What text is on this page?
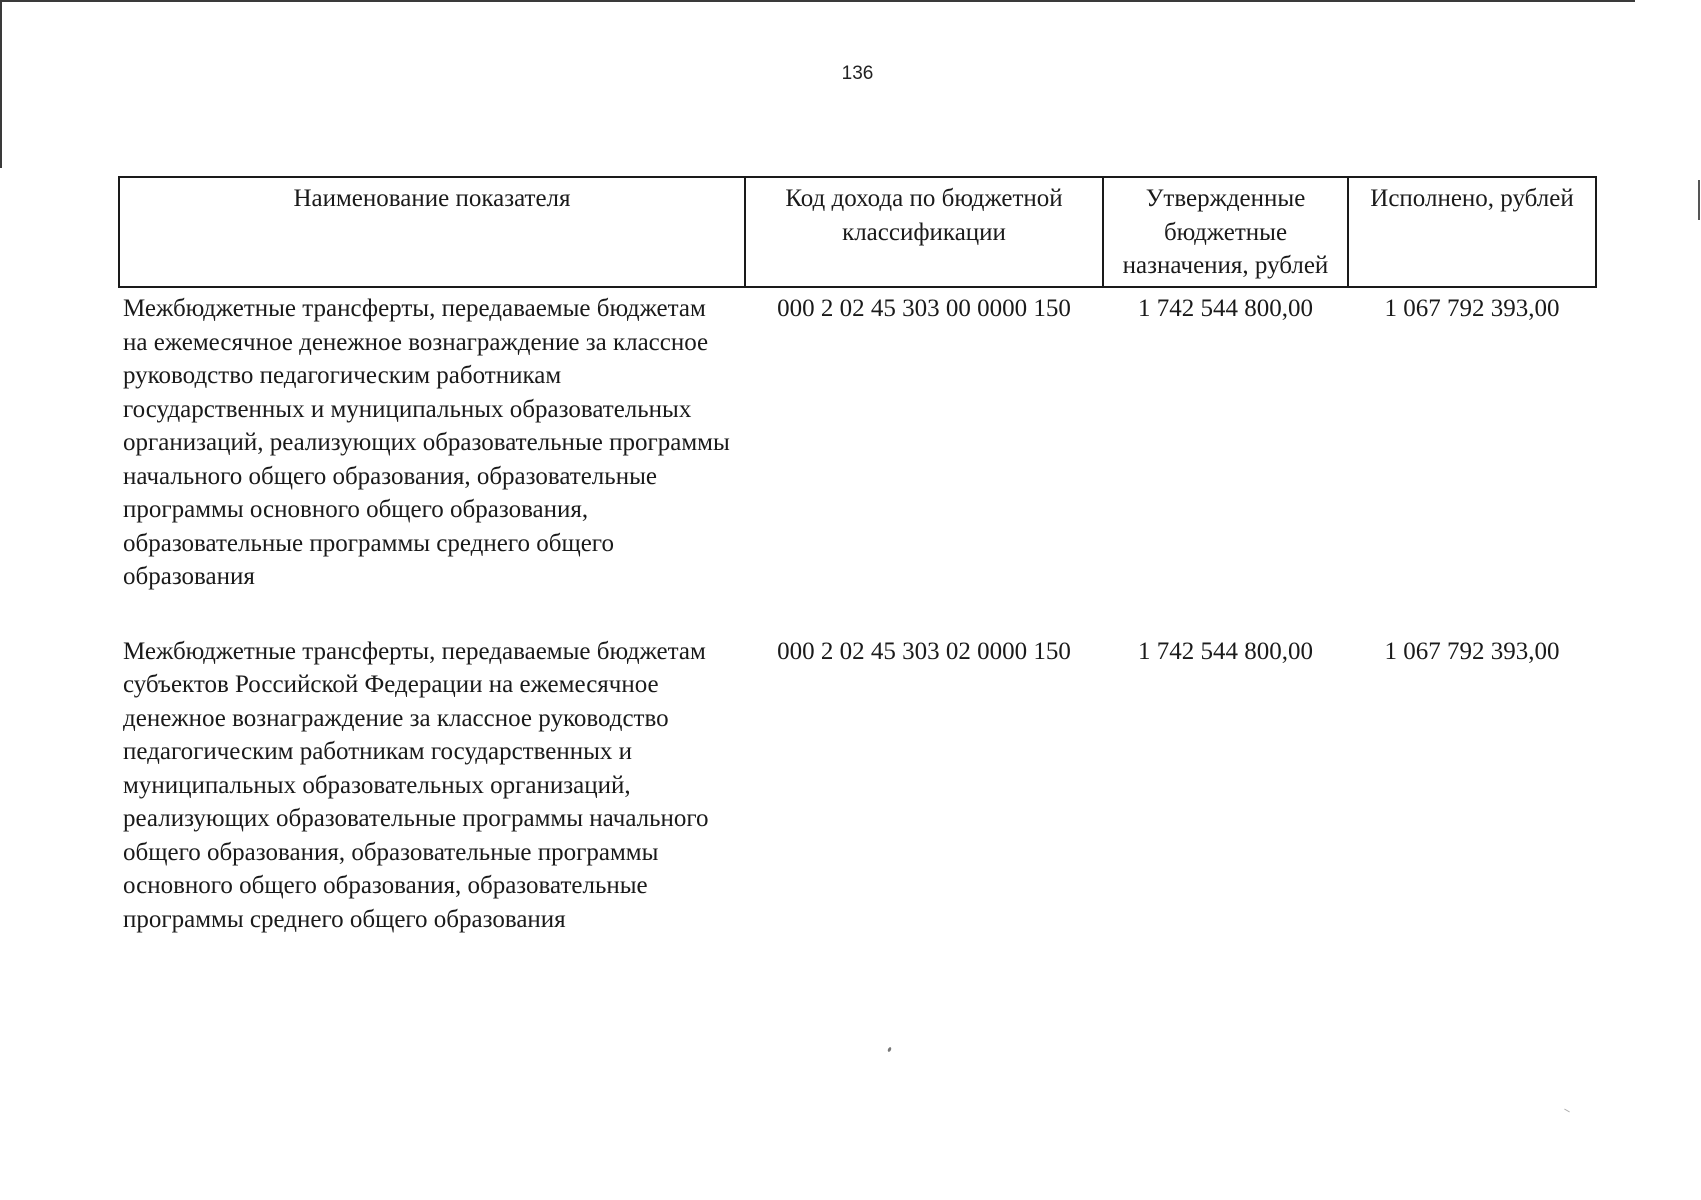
136
Наименование показателя	Код дохода по бюджетной классификации	Утвержденные бюджетные назначения, рублей	Исполнено, рублей
Межбюджетные трансферты, передаваемые бюджетам на ежемесячное денежное вознаграждение за классное руководство педагогическим работникам государственных и муниципальных образовательных организаций, реализующих образовательные программы начального общего образования, образовательные программы основного общего образования, образовательные программы среднего общего образования	000 2 02 45 303 00 0000 150	1 742 544 800,00	1 067 792 393,00
Межбюджетные трансферты, передаваемые бюджетам субъектов Российской Федерации на ежемесячное денежное вознаграждение за классное руководство педагогическим работникам государственных и муниципальных образовательных организаций, реализующих образовательные программы начального общего образования, образовательные программы основного общего образования, образовательные программы среднего общего образования	000 2 02 45 303 02 0000 150	1 742 544 800,00	1 067 792 393,00
